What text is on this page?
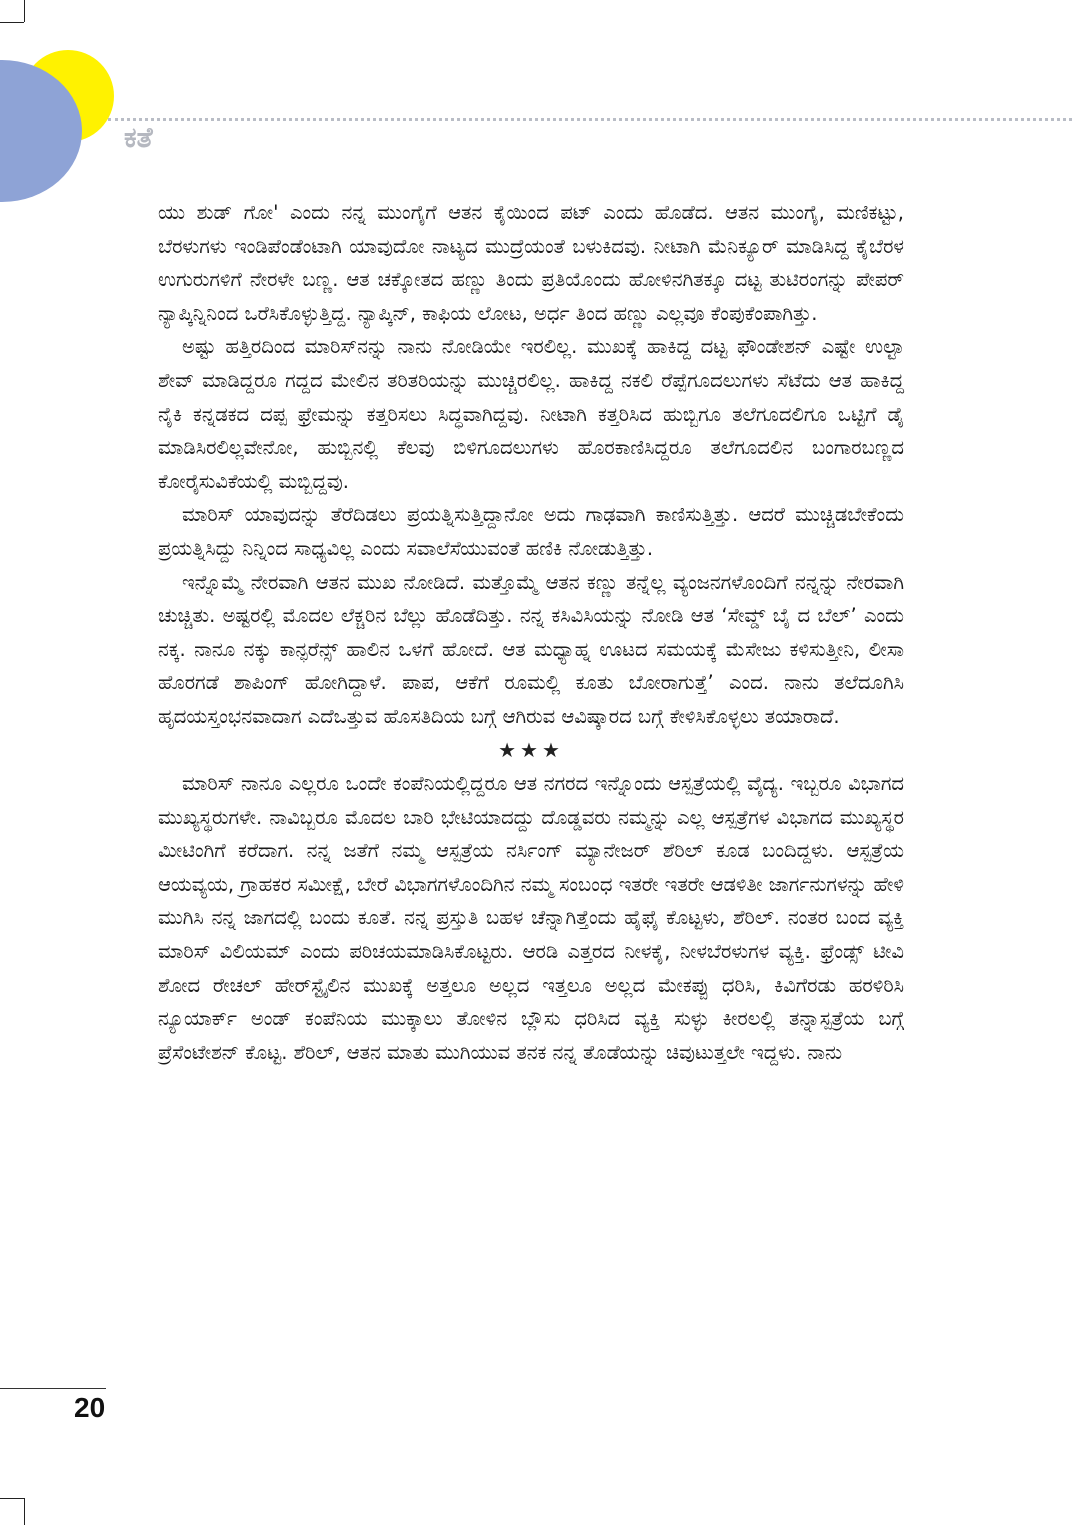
ಕತೆ

ಯು ಶುಡ್ ಗೋ' ಎಂದು ನನ್ನ ಮುಂಗೈಗೆ ಆತನ ಕೈಯಿಂದ ಪಟ್ ಎಂದು ಹೊಡೆದ. ಆತನ ಮುಂಗೈ, ಮಣಿಕಟ್ಟು, ಬೆರಳುಗಳು ಇಂಡಿಪೆಂಡೆಂಟಾಗಿ ಯಾವುದೋ ನಾಟ್ಯದ ಮುದ್ರೆಯಂತೆ ಬಳುಕಿದವು. ನೀಟಾಗಿ ಮೆನಿಕ್ಯೂರ್ ಮಾಡಿಸಿದ್ದ ಕೈಬೆರಳ ಉಗುರುಗಳಿಗೆ ನೇರಳೇ ಬಣ್ಣ. ಆತ ಚಕ್ಕೋತದ ಹಣ್ಣು ತಿಂದು ಪ್ರತಿಯೊಂದು ಹೋಳಿನಗಿತಕ್ಕೂ ದಟ್ಟ ತುಟಿರಂಗನ್ನು ಪೇಪರ್ ನ್ಯಾಪ್ಕಿನ್ನಿನಿಂದ ಒರೆಸಿಕೊಳ್ಳುತ್ತಿದ್ದ. ನ್ಯಾಪ್ಕಿನ್, ಕಾಫಿಯ ಲೋಟ, ಅರ್ಧ ತಿಂದ ಹಣ್ಣು ಎಲ್ಲವೂ ಕೆಂಪುಕೆಂಪಾಗಿತ್ತು.

ಅಷ್ಟು ಹತ್ತಿರದಿಂದ ಮಾರಿಸ್‌ನನ್ನು ನಾನು ನೋಡಿಯೇ ಇರಲಿಲ್ಲ. ಮುಖಕ್ಕೆ ಹಾಕಿದ್ದ ದಟ್ಟ ಫೌಂಡೇಶನ್ ಎಷ್ಟೇ ಉಲ್ಟಾ ಶೇವ್ ಮಾಡಿದ್ದರೂ ಗದ್ದದ ಮೇಲಿನ ತರಿತರಿಯನ್ನು ಮುಚ್ಚಿರಲಿಲ್ಲ. ಹಾಕಿದ್ದ ನಕಲಿ ರೆಪ್ಪೆಗೂದಲುಗಳು ಸೆಟೆದು ಆತ ಹಾಕಿದ್ದ ನೈಕಿ ಕನ್ನಡಕದ ದಪ್ಪ ಫ್ರೇಮನ್ನು ಕತ್ತರಿಸಲು ಸಿದ್ಧವಾಗಿದ್ದವು. ನೀಟಾಗಿ ಕತ್ತರಿಸಿದ ಹುಬ್ಬಿಗೂ ತಲೆಗೂದಲಿಗೂ ಒಟ್ಟಿಗೆ ಡೈ ಮಾಡಿಸಿರಲಿಲ್ಲವೇನೋ, ಹುಬ್ಬಿನಲ್ಲಿ ಕೆಲವು ಬಿಳಿಗೂದಲುಗಳು ಹೊರಕಾಣಿಸಿದ್ದರೂ ತಲೆಗೂದಲಿನ ಬಂಗಾರಬಣ್ಣದ ಕೋರೈಸುವಿಕೆಯಲ್ಲಿ ಮಬ್ಬಿದ್ದವು.

ಮಾರಿಸ್ ಯಾವುದನ್ನು ತೆರೆದಿಡಲು ಪ್ರಯತ್ನಿಸುತ್ತಿದ್ದಾನೋ ಅದು ಗಾಢವಾಗಿ ಕಾಣಿಸುತ್ತಿತ್ತು. ಆದರೆ ಮುಚ್ಚಿಡಬೇಕೆಂದು ಪ್ರಯತ್ನಿಸಿದ್ದು ನಿನ್ನಿಂದ ಸಾಧ್ಯವಿಲ್ಲ ಎಂದು ಸವಾಲೆಸೆಯುವಂತೆ ಹಣಿಕಿ ನೋಡುತ್ತಿತ್ತು.

ಇನ್ನೊಮ್ಮೆ ನೇರವಾಗಿ ಆತನ ಮುಖ ನೋಡಿದೆ. ಮತ್ತೊಮ್ಮೆ ಆತನ ಕಣ್ಣು ತನ್ನೆಲ್ಲ ವ್ಯಂಜನಗಳೊಂದಿಗೆ ನನ್ನನ್ನು ನೇರವಾಗಿ ಚುಚ್ಚಿತು. ಅಷ್ಟರಲ್ಲಿ ಮೊದಲ ಲೆಕ್ಚರಿನ ಬೆಲ್ಲು ಹೊಡೆದಿತ್ತು. ನನ್ನ ಕಸಿವಿಸಿಯನ್ನು ನೋಡಿ ಆತ ‘ಸೇವ್ಡ್ ಬೈ ದ ಬೆಲ್’ ಎಂದು ನಕ್ಕ. ನಾನೂ ನಕ್ಕು ಕಾನ್ಫರೆನ್ಸ್ ಹಾಲಿನ ಒಳಗೆ ಹೋದೆ. ಆತ ಮಧ್ಯಾಹ್ನ ಊಟದ ಸಮಯಕ್ಕೆ ಮೆಸೇಜು ಕಳಿಸುತ್ತೀನಿ, ಲೀಸಾ ಹೊರಗಡೆ ಶಾಪಿಂಗ್ ಹೋಗಿದ್ದಾಳೆ. ಪಾಪ, ಆಕೆಗೆ ರೂಮಲ್ಲಿ ಕೂತು ಬೋರಾಗುತ್ತೆ’ ಎಂದ. ನಾನು ತಲೆದೂಗಿಸಿ ಹೃದಯಸ್ತಂಭನವಾದಾಗ ಎದೆಒತ್ತುವ ಹೊಸತಿದಿಯ ಬಗ್ಗೆ ಆಗಿರುವ ಆವಿಷ್ಕಾರದ ಬಗ್ಗೆ ಕೇಳಿಸಿಕೊಳ್ಳಲು ತಯಾರಾದೆ.

★★★

ಮಾರಿಸ್ ನಾನೂ ಎಲ್ಲರೂ ಒಂದೇ ಕಂಪೆನಿಯಲ್ಲಿದ್ದರೂ ಆತ ನಗರದ ಇನ್ನೊಂದು ಆಸ್ಪತ್ರೆಯಲ್ಲಿ ವೈದ್ಯ. ಇಬ್ಬರೂ ವಿಭಾಗದ ಮುಖ್ಯಸ್ಥರುಗಳೇ. ನಾವಿಬ್ಬರೂ ಮೊದಲ ಬಾರಿ ಭೇಟಿಯಾದದ್ದು ದೊಡ್ಡವರು ನಮ್ಮನ್ನು ಎಲ್ಲ ಆಸ್ಪತ್ರೆಗಳ ವಿಭಾಗದ ಮುಖ್ಯಸ್ಥರ ಮೀಟಿಂಗಿಗೆ ಕರೆದಾಗ. ನನ್ನ ಜತೆಗೆ ನಮ್ಮ ಆಸ್ಪತ್ರೆಯ ನರ್ಸಿಂಗ್ ಮ್ಯಾನೇಜರ್ ಶೆರಿಲ್ ಕೂಡ ಬಂದಿದ್ದಳು. ಆಸ್ಪತ್ರೆಯ ಆಯವ್ಯಯ, ಗ್ರಾಹಕರ ಸಮೀಕ್ಷೆ, ಬೇರೆ ವಿಭಾಗಗಳೊಂದಿಗಿನ ನಮ್ಮ ಸಂಬಂಧ ಇತರೇ ಇತರೇ ಆಡಳಿತೀ ಜಾರ್ಗನುಗಳನ್ನು ಹೇಳಿ ಮುಗಿಸಿ ನನ್ನ ಜಾಗದಲ್ಲಿ ಬಂದು ಕೂತೆ. ನನ್ನ ಪ್ರಸ್ತುತಿ ಬಹಳ ಚೆನ್ನಾಗಿತ್ತೆಂದು ಹೈಫೈ ಕೊಟ್ಟಳು, ಶೆರಿಲ್. ನಂತರ ಬಂದ ವ್ಯಕ್ತಿ ಮಾರಿಸ್ ವಿಲಿಯಮ್ ಎಂದು ಪರಿಚಯಮಾಡಿಸಿಕೊಟ್ಟರು. ಆರಡಿ ಎತ್ತರದ ನೀಳಕೈ, ನೀಳಬೆರಳುಗಳ ವ್ಯಕ್ತಿ. ಫ್ರೆಂಡ್ಸ್ ಟೀವಿ ಶೋದ ರೇಚಲ್ ಹೇರ್‌ಸ್ಟೈಲಿನ ಮುಖಕ್ಕೆ ಅತ್ತಲೂ ಅಲ್ಲದ ಇತ್ತಲೂ ಅಲ್ಲದ ಮೇಕಪ್ಪು ಧರಿಸಿ, ಕಿವಿಗೆರಡು ಹರಳಿರಿಸಿ ನ್ಯೂಯಾರ್ಕ್ ಅಂಡ್ ಕಂಪೆನಿಯ ಮುಕ್ಕಾಲು ತೋಳಿನ ಬ್ಲೌಸು ಧರಿಸಿದ ವ್ಯಕ್ತಿ ಸುಳ್ಳು ಕೀರಲಲ್ಲಿ ತನ್ನಾಸ್ಪತ್ರೆಯ ಬಗ್ಗೆ ಪ್ರೆಸೆಂಟೇಶನ್ ಕೊಟ್ಟ. ಶೆರಿಲ್, ಆತನ ಮಾತು ಮುಗಿಯುವ ತನಕ ನನ್ನ ತೊಡೆಯನ್ನು ಚಿವುಟುತ್ತಲೇ ಇದ್ದಳು. ನಾನು

20
